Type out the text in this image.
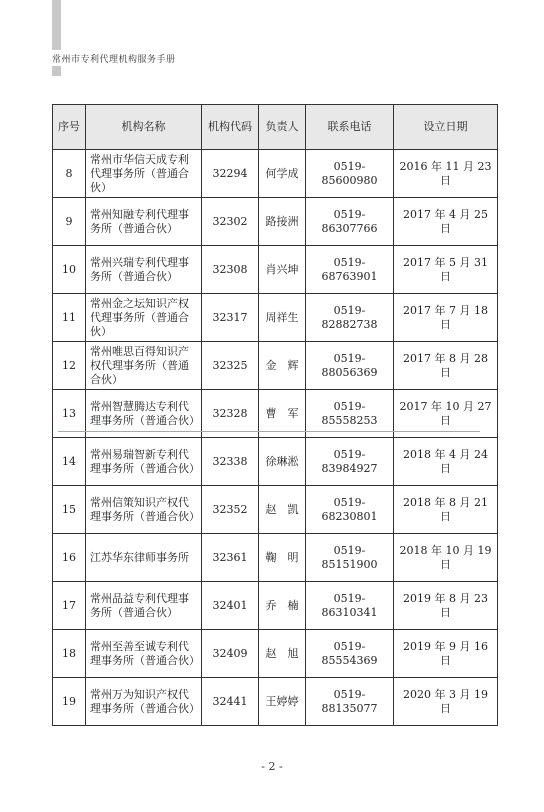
常州市专利代理机构服务手册
序号	机构名称	机构代码	负责人	联系电话	设立日期
8	常州市华信天成专利代理事务所（普通合伙）	32294	何学成	0519-85600980	2016 年 11 月 23 日
9	常州知融专利代理事务所（普通合伙）	32302	路接洲	0519-86307766	2017 年 4 月 25 日
10	常州兴瑞专利代理事务所（普通合伙）	32308	肖兴坤	0519-68763901	2017 年 5 月 31 日
11	常州金之坛知识产权代理事务所（普通合伙）	32317	周祥生	0519-82882738	2017 年 7 月 18 日
12	常州唯思百得知识产权代理事务所（普通合伙）	32325	金　辉	0519-88056369	2017 年 8 月 28 日
13	常州智慧腾达专利代理事务所（普通合伙）	32328	曹　军	0519-85558253	2017 年 10 月 27 日
14	常州易瑞智新专利代理事务所（普通合伙）	32338	徐琳淞	0519-83984927	2018 年 4 月 24 日
15	常州信策知识产权代理事务所（普通合伙）	32352	赵　凯	0519-68230801	2018 年 8 月 21 日
16	江苏华东律师事务所	32361	鞠　明	0519-85151900	2018 年 10 月 19 日
17	常州品益专利代理事务所（普通合伙）	32401	乔　楠	0519-86310341	2019 年 8 月 23 日
18	常州至善至诚专利代理事务所（普通合伙）	32409	赵　旭	0519-85554369	2019 年 9 月 16 日
19	常州万为知识产权代理事务所（普通合伙）	32441	王婷婷	0519-88135077	2020 年 3 月 19 日
- 2 -
